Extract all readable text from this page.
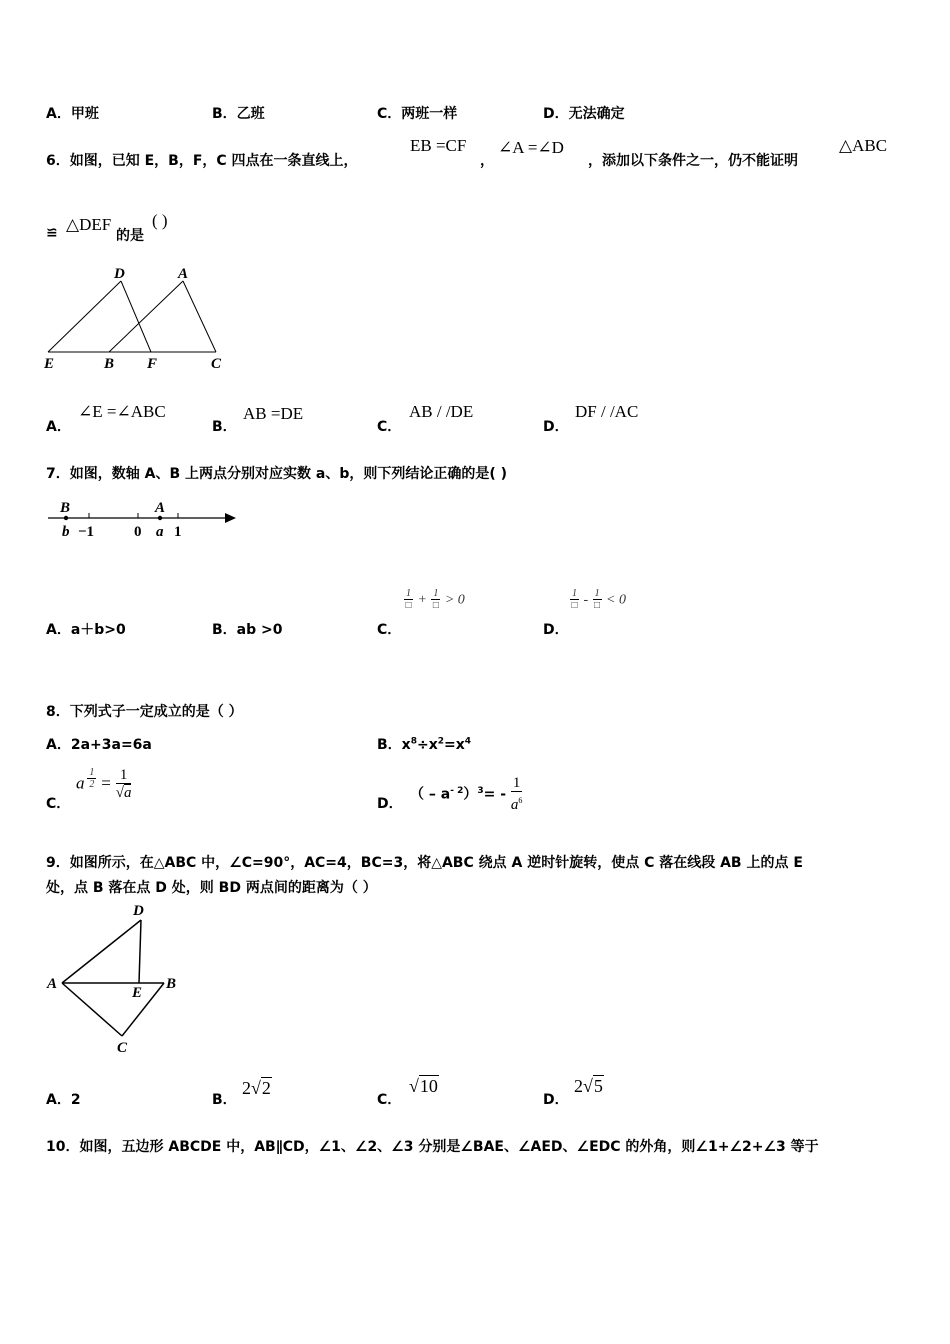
A．甲班	B．乙班	C．两班一样	D．无法确定
6．如图，已知 E，B，F，C 四点在一条直线上，
EB =CF
，
∠A =∠D
，添加以下条件之一，仍不能证明
△ABC
≌ △DEF
的是
( )
D	A
E	B F	C
A．
∠E =∠ABC
B．
AB =DE
C．
AB / /DE
D．
DF / /AC
7．如图，数轴 A、B 上两点分别对应实数 a、b，则下列结论正确的是( )
B	A
b −1	0 a 1
A．a＋b>0	B．ab >0	C．
$\frac{1}{□} + \frac{1}{□} > 0$
D．
$\frac{1}{□} - \frac{1}{□} < 0$
8．下列式子一定成立的是（ ）
A．2a+3a=6a	B．$x^8\div x^2=x^4$
C．
a $\frac{1}{2} = \frac{1}{√a}$
D．
（ – $a^{- 2})^3= - \frac{1}{a^6}$
9．如图所示，在△ABC 中，∠C=90°，AC=4，BC=3，将△ABC 绕点 A 逆时针旋转，使点 C 落在线段 AB 上的点 E
处，点 B 落在点 D 处，则 BD 两点间的距离为（ ）
D
A
E
B
C
A．2	B．
2√2
C．
√10
D．
2√5
10．如图，五边形 ABCDE 中，AB∥CD，∠1、∠2、∠3 分别是∠BAE、∠AED、∠EDC 的外角，则∠1+∠2+∠3 等于
